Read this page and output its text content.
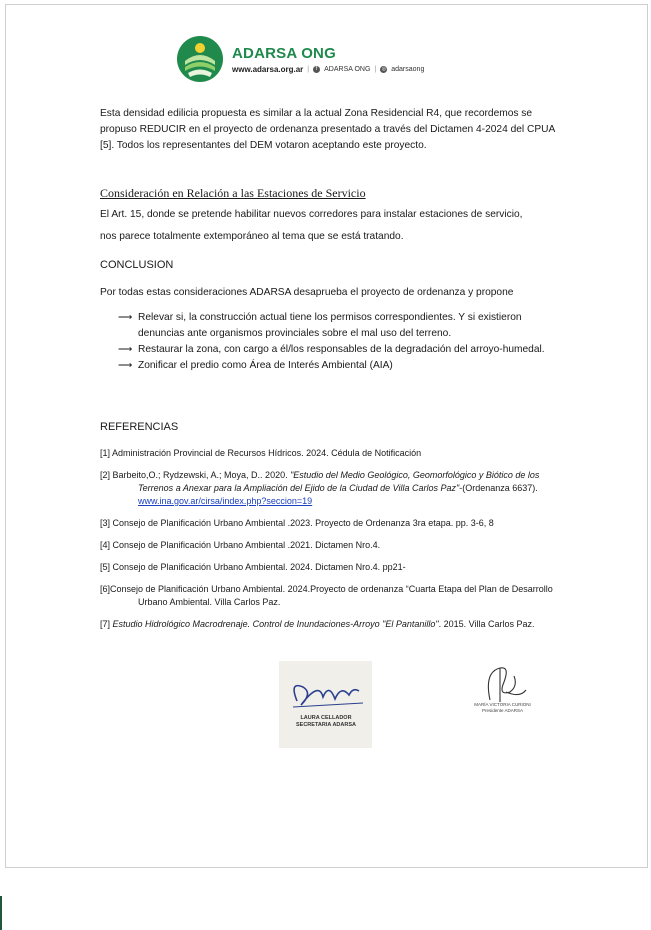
ADARSA ONG
www.adarsa.org.ar |	f ADARSA ONG | ◎ adarsaong
Esta densidad edilicia propuesta es similar a la actual Zona Residencial R4, que recordemos se propuso REDUCIR en el proyecto de ordenanza presentado a través del Dictamen 4-2024 del CPUA [5]. Todos los representantes del DEM votaron aceptando este proyecto.
Consideración en Relación a las Estaciones de Servicio
El Art. 15, donde se pretende habilitar nuevos corredores para instalar estaciones de servicio,
nos parece totalmente extemporáneo al tema que se está tratando.
CONCLUSION
Por todas estas consideraciones ADARSA desaprueba el proyecto de ordenanza y propone
⟶ Relevar si, la construcción actual tiene los permisos correspondientes. Y si existieron denuncias ante organismos provinciales sobre el mal uso del terreno.
⟶ Restaurar la zona, con cargo a él/los responsables de la degradación del arroyo-humedal.
⟶ Zonificar el predio como Área de Interés Ambiental (AIA)
REFERENCIAS
[1] Administración Provincial de Recursos Hídricos. 2024. Cédula de Notificación
[2] Barbeito,O.; Rydzewski, A.; Moya, D.. 2020. "Estudio del Medio Geológico, Geomorfológico y Biótico de los Terrenos a Anexar para la Ampliación del Ejido de la Ciudad de Villa Carlos Paz"-(Ordenanza 6637). www.ina.gov.ar/cirsa/index.php?seccion=19
[3] Consejo de Planificación Urbano Ambiental .2023. Proyecto de Ordenanza 3ra etapa. pp. 3-6, 8
[4] Consejo de Planificación Urbano Ambiental .2021. Dictamen Nro.4.
[5] Consejo de Planificación Urbano Ambiental. 2024. Dictamen Nro.4. pp21-
[6]Consejo de Planificación Urbano Ambiental. 2024.Proyecto de ordenanza “Cuarta Etapa del Plan de Desarrollo Urbano Ambiental. Villa Carlos Paz.
[7] Estudio Hidrológico Macrodrenaje. Control de Inundaciones-Arroyo "El Pantanillo". 2015. Villa Carlos Paz.
LAURA CELLADOR
SECRETARIA ADARSA
MARÍA VICTORIA CURIONI
Presidente ADARSA
